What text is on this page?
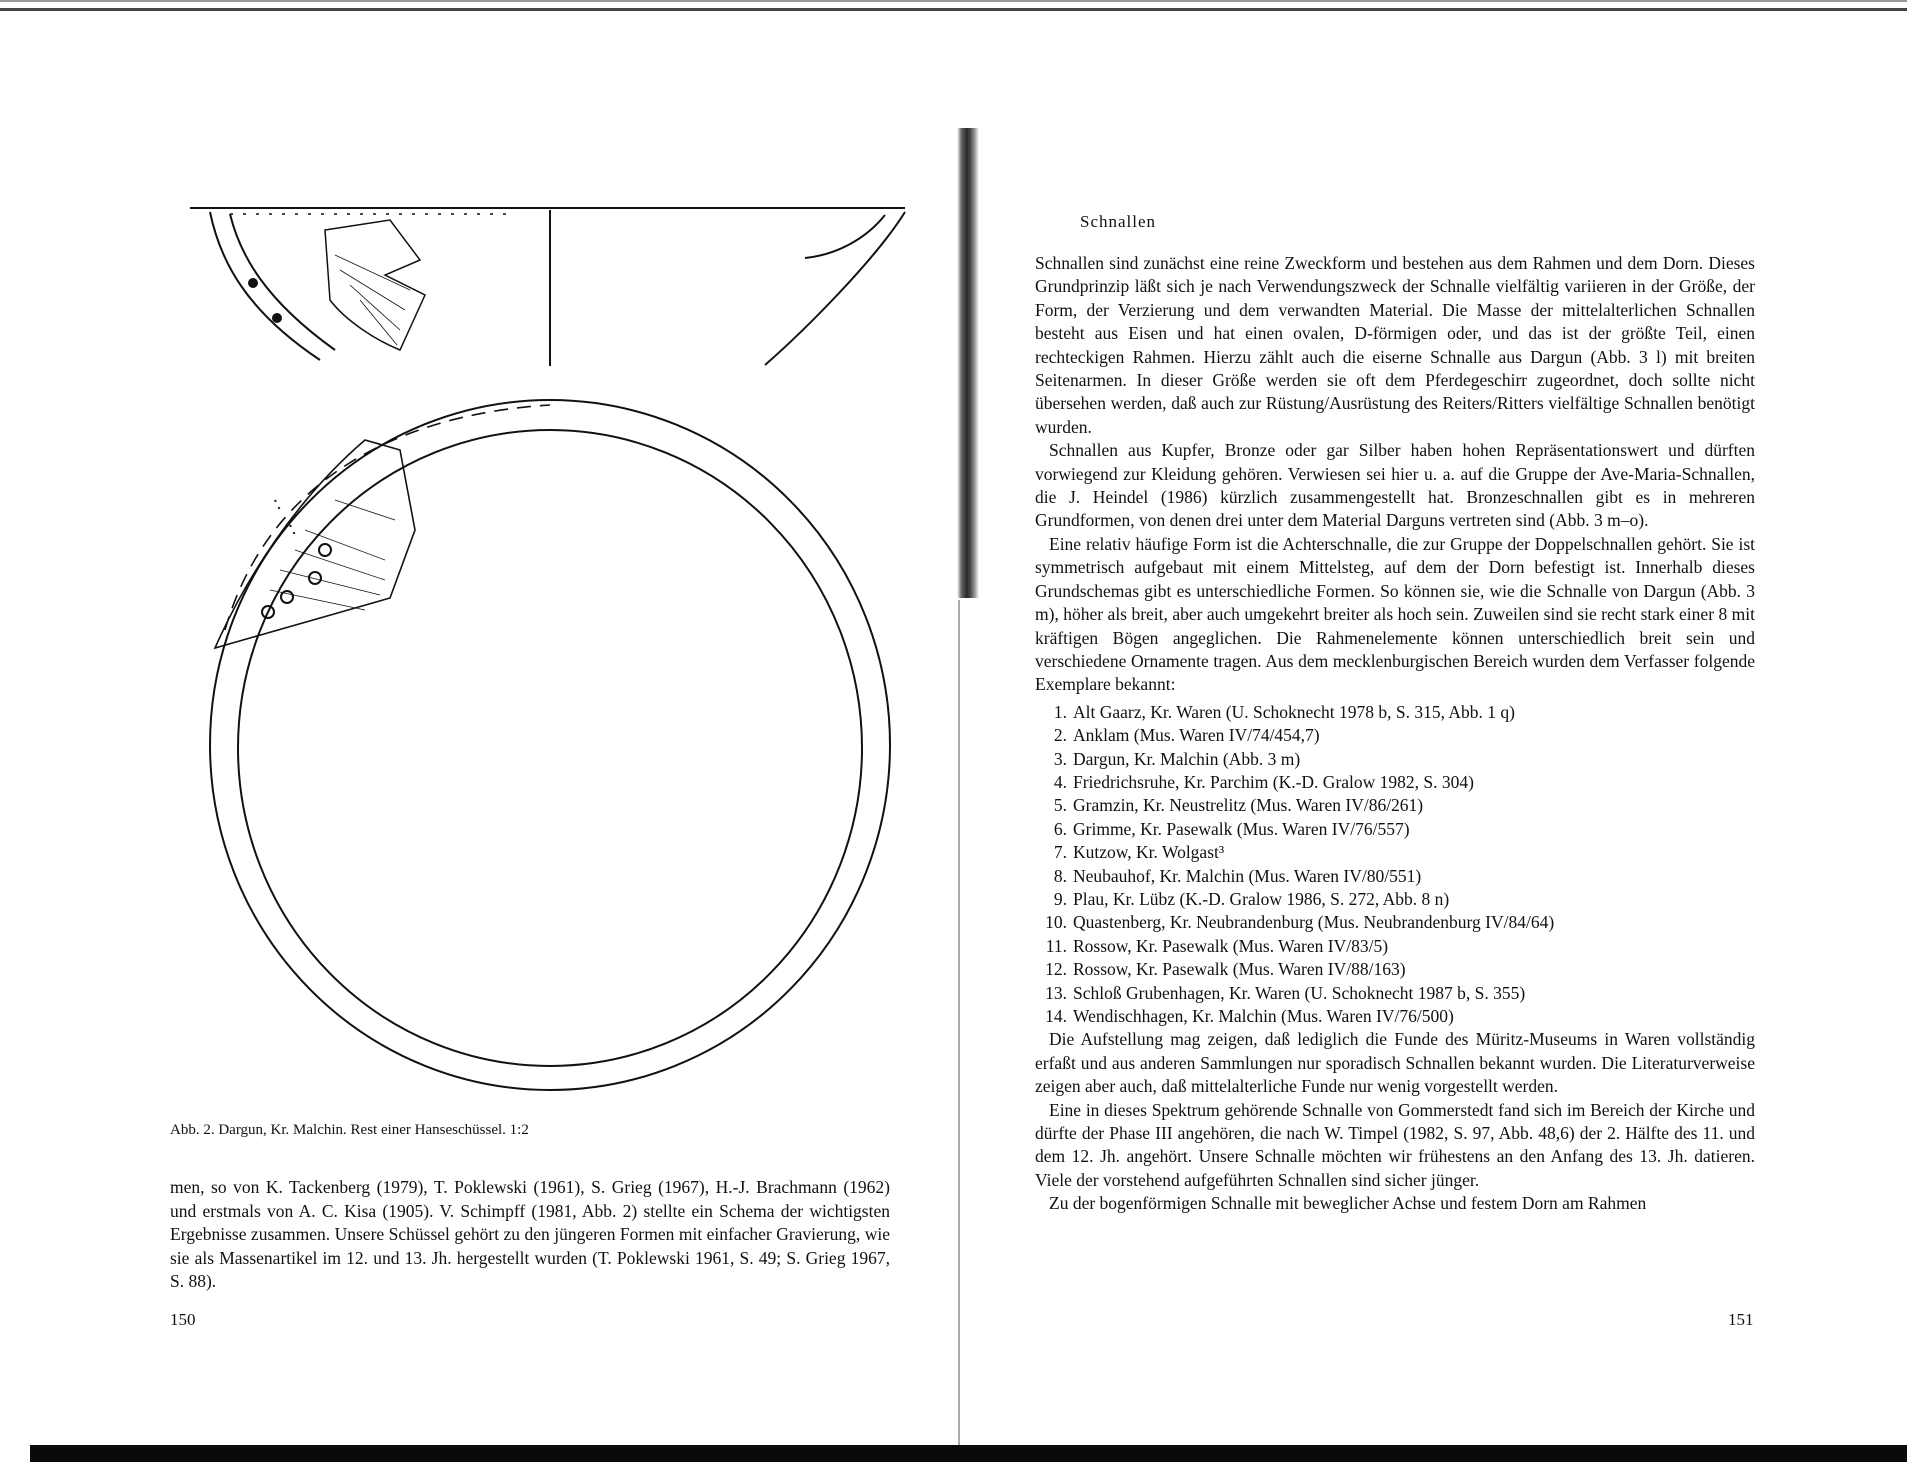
Abb. 2. Dargun, Kr. Malchin. Rest einer Hanseschüssel. 1:2

men, so von K. Tackenberg (1979), T. Poklewski (1961), S. Grieg (1967), H.-J. Brachmann (1962) und erstmals von A. C. Kisa (1905). V. Schimpff (1981, Abb. 2) stellte ein Schema der wichtigsten Ergebnisse zusammen. Unsere Schüssel gehört zu den jüngeren Formen mit einfacher Gravierung, wie sie als Massenartikel im 12. und 13. Jh. hergestellt wurden (T. Poklewski 1961, S. 49; S. Grieg 1967, S. 88).

150
Schnallen

Schnallen sind zunächst eine reine Zweckform und bestehen aus dem Rahmen und dem Dorn. Dieses Grundprinzip läßt sich je nach Verwendungszweck der Schnalle vielfältig variieren in der Größe, der Form, der Verzierung und dem verwandten Material. Die Masse der mittelalterlichen Schnallen besteht aus Eisen und hat einen ovalen, D-förmigen oder, und das ist der größte Teil, einen rechteckigen Rahmen. Hierzu zählt auch die eiserne Schnalle aus Dargun (Abb. 3 l) mit breiten Seitenarmen. In dieser Größe werden sie oft dem Pferdegeschirr zugeordnet, doch sollte nicht übersehen werden, daß auch zur Rüstung/Ausrüstung des Reiters/Ritters vielfältige Schnallen benötigt wurden.

Schnallen aus Kupfer, Bronze oder gar Silber haben hohen Repräsentationswert und dürften vorwiegend zur Kleidung gehören. Verwiesen sei hier u. a. auf die Gruppe der Ave-Maria-Schnallen, die J. Heindel (1986) kürzlich zusammengestellt hat. Bronzeschnallen gibt es in mehreren Grundformen, von denen drei unter dem Material Darguns vertreten sind (Abb. 3 m–o).

Eine relativ häufige Form ist die Achterschnalle, die zur Gruppe der Doppelschnallen gehört. Sie ist symmetrisch aufgebaut mit einem Mittelsteg, auf dem der Dorn befestigt ist. Innerhalb dieses Grundschemas gibt es unterschiedliche Formen. So können sie, wie die Schnalle von Dargun (Abb. 3 m), höher als breit, aber auch umgekehrt breiter als hoch sein. Zuweilen sind sie recht stark einer 8 mit kräftigen Bögen angeglichen. Die Rahmenelemente können unterschiedlich breit sein und verschiedene Ornamente tragen. Aus dem mecklenburgischen Bereich wurden dem Verfasser folgende Exemplare bekannt:

1. Alt Gaarz, Kr. Waren (U. Schoknecht 1978 b, S. 315, Abb. 1 q)
2. Anklam (Mus. Waren IV/74/454,7)
3. Dargun, Kr. Malchin (Abb. 3 m)
4. Friedrichsruhe, Kr. Parchim (K.-D. Gralow 1982, S. 304)
5. Gramzin, Kr. Neustrelitz (Mus. Waren IV/86/261)
6. Grimme, Kr. Pasewalk (Mus. Waren IV/76/557)
7. Kutzow, Kr. Wolgast³
8. Neubauhof, Kr. Malchin (Mus. Waren IV/80/551)
9. Plau, Kr. Lübz (K.-D. Gralow 1986, S. 272, Abb. 8 n)
10. Quastenberg, Kr. Neubrandenburg (Mus. Neubrandenburg IV/84/64)
11. Rossow, Kr. Pasewalk (Mus. Waren IV/83/5)
12. Rossow, Kr. Pasewalk (Mus. Waren IV/88/163)
13. Schloß Grubenhagen, Kr. Waren (U. Schoknecht 1987 b, S. 355)
14. Wendischhagen, Kr. Malchin (Mus. Waren IV/76/500)

Die Aufstellung mag zeigen, daß lediglich die Funde des Müritz-Museums in Waren vollständig erfaßt und aus anderen Sammlungen nur sporadisch Schnallen bekannt wurden. Die Literaturverweise zeigen aber auch, daß mittelalterliche Funde nur wenig vorgestellt werden.

Eine in dieses Spektrum gehörende Schnalle von Gommerstedt fand sich im Bereich der Kirche und dürfte der Phase III angehören, die nach W. Timpel (1982, S. 97, Abb. 48,6) der 2. Hälfte des 11. und dem 12. Jh. angehört. Unsere Schnalle möchten wir frühestens an den Anfang des 13. Jh. datieren. Viele der vorstehend aufgeführten Schnallen sind sicher jünger.

Zu der bogenförmigen Schnalle mit beweglicher Achse und festem Dorn am Rahmen

151
